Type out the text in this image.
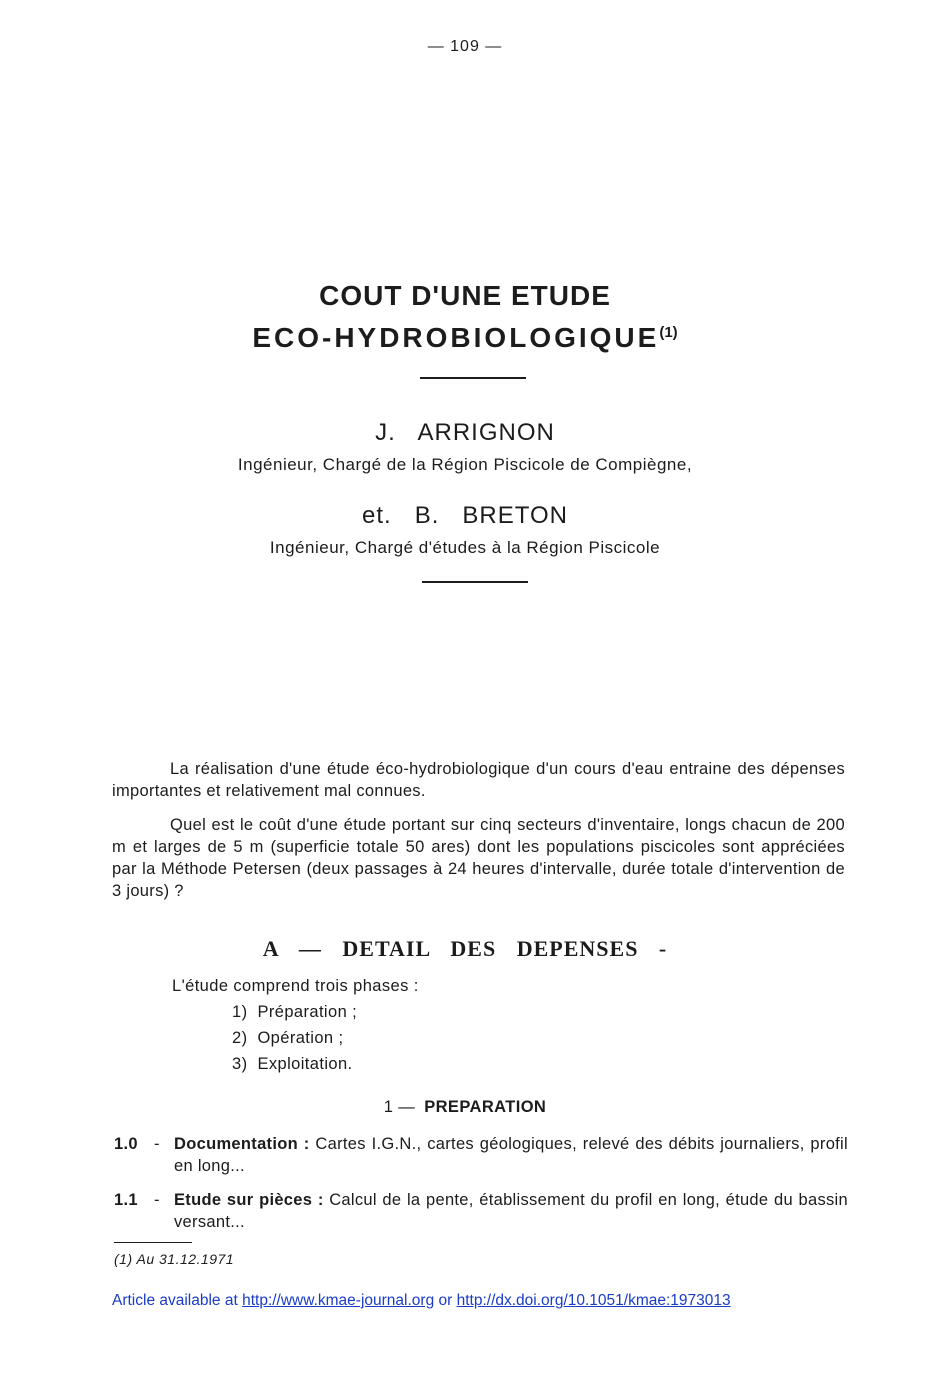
— 109 —
COUT D'UNE ETUDE
ECO-HYDROBIOLOGIQUE$^{(1)}$
J.   ARRIGNON
Ingénieur, Chargé de la Région Piscicole de Compiègne,
et.   B.   BRETON
Ingénieur, Chargé d'études à la Région Piscicole

La réalisation d'une étude éco-hydrobiologique d'un cours d'eau entraine des dépenses importantes et relativement mal connues.

Quel est le coût d'une étude portant sur cinq secteurs d'inventaire, longs chacun de 200 m et larges de 5 m (superficie totale 50 ares) dont les populations piscicoles sont appréciées par la Méthode Petersen (deux passages à 24 heures d'intervalle, durée totale d'intervention de 3 jours) ?

A — DETAIL DES DEPENSES -
L'étude comprend trois phases :
1)  Préparation ;
2)  Opération ;
3)  Exploitation.
1 — PREPARATION
1.0 - Documentation : Cartes I.G.N., cartes géologiques, relevé des débits journaliers, profil en long...
1.1 - Etude sur pièces : Calcul de la pente, établissement du profil en long, étude du bassin versant...
(1) Au 31.12.1971
Article available at http://www.kmae-journal.org or http://dx.doi.org/10.1051/kmae:1973013
